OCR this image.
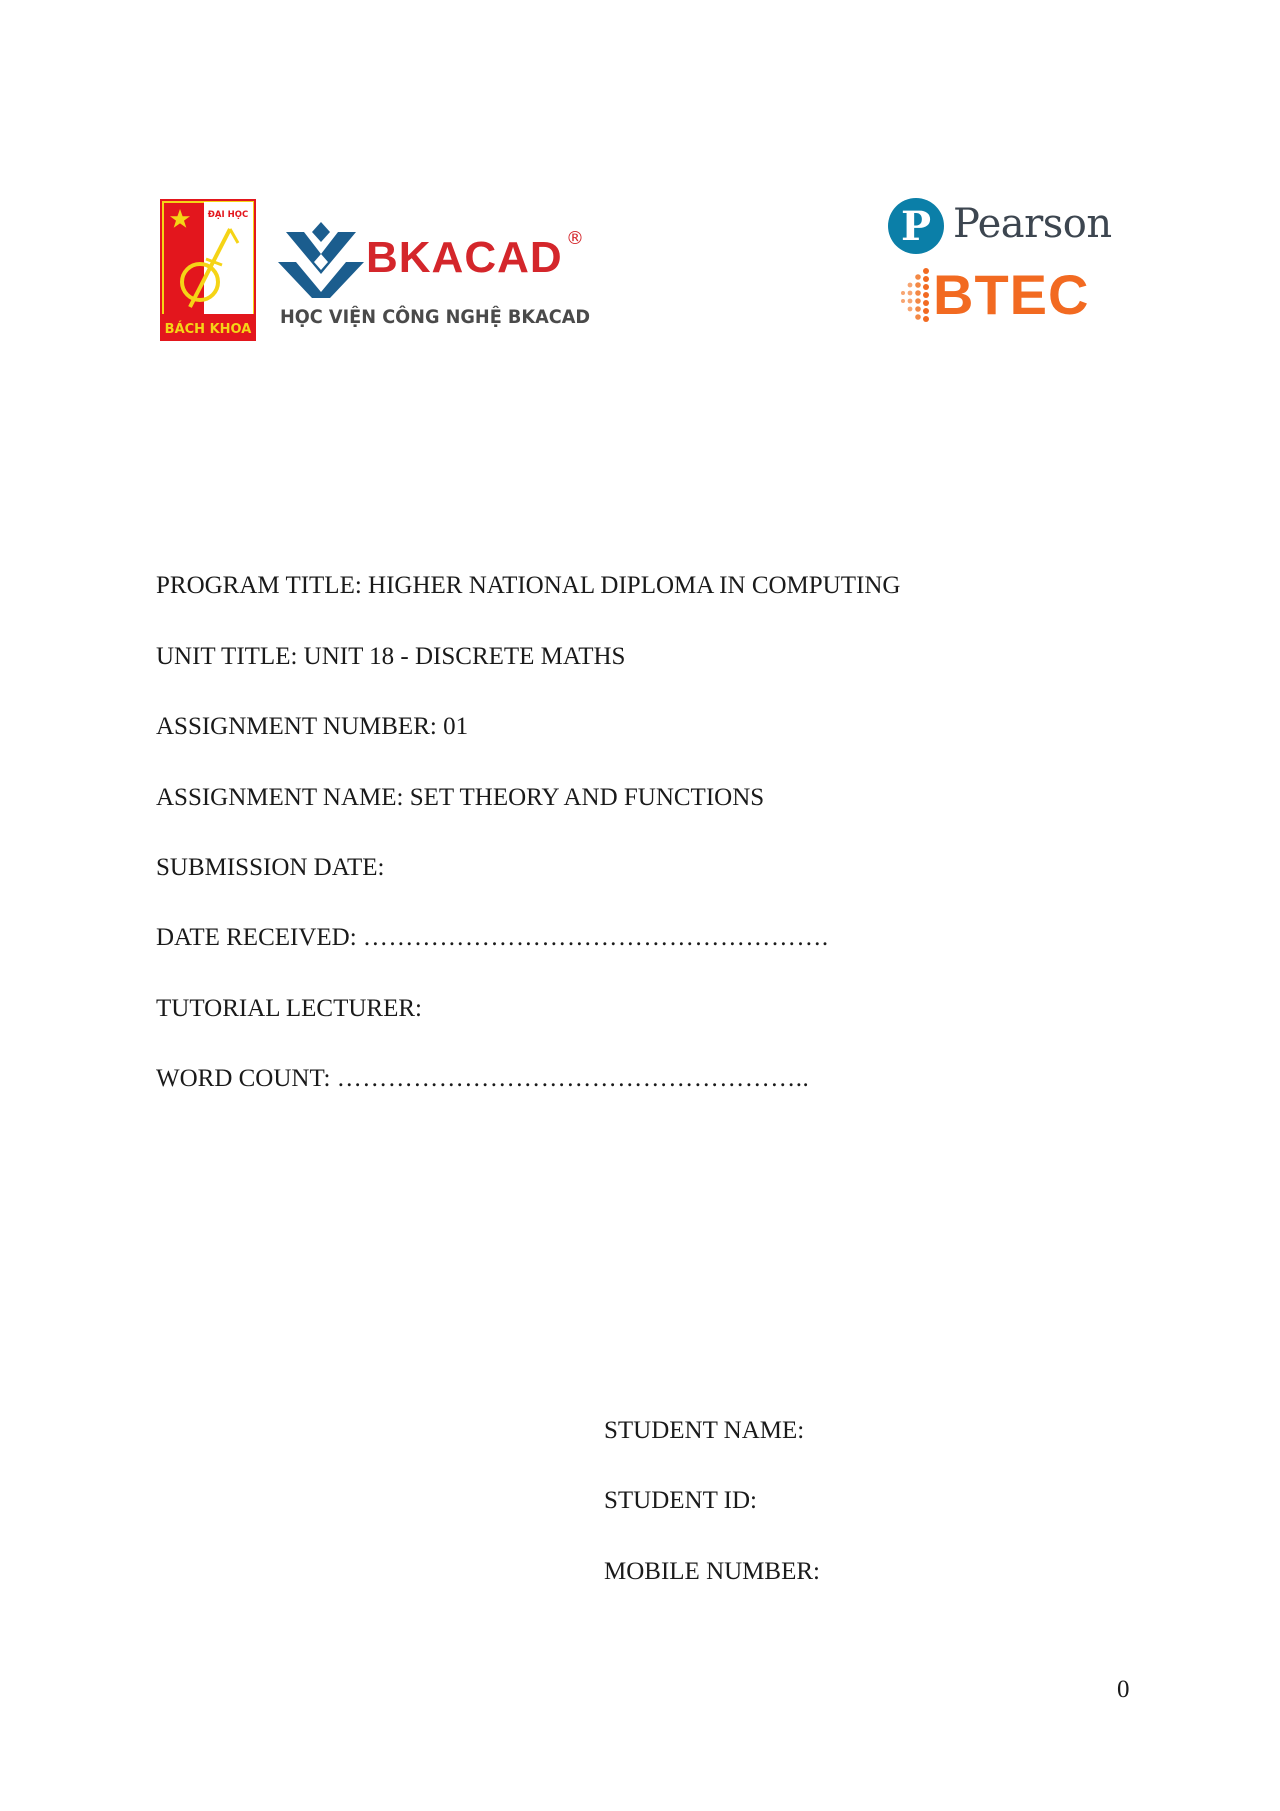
ĐẠI HỌC
BÁCH KHOA
BKACAD ®
HỌC VIỆN CÔNG NGHỆ BKACAD
P Pearson
BTEC
PROGRAM TITLE: HIGHER NATIONAL DIPLOMA IN COMPUTING
UNIT TITLE: UNIT 18 - DISCRETE MATHS
ASSIGNMENT NUMBER: 01
ASSIGNMENT NAME: SET THEORY AND FUNCTIONS
SUBMISSION DATE:
DATE RECEIVED: ……………………………………………….
TUTORIAL LECTURER:
WORD COUNT: ………………………………………………..
STUDENT NAME:
STUDENT ID:
MOBILE NUMBER:
0
